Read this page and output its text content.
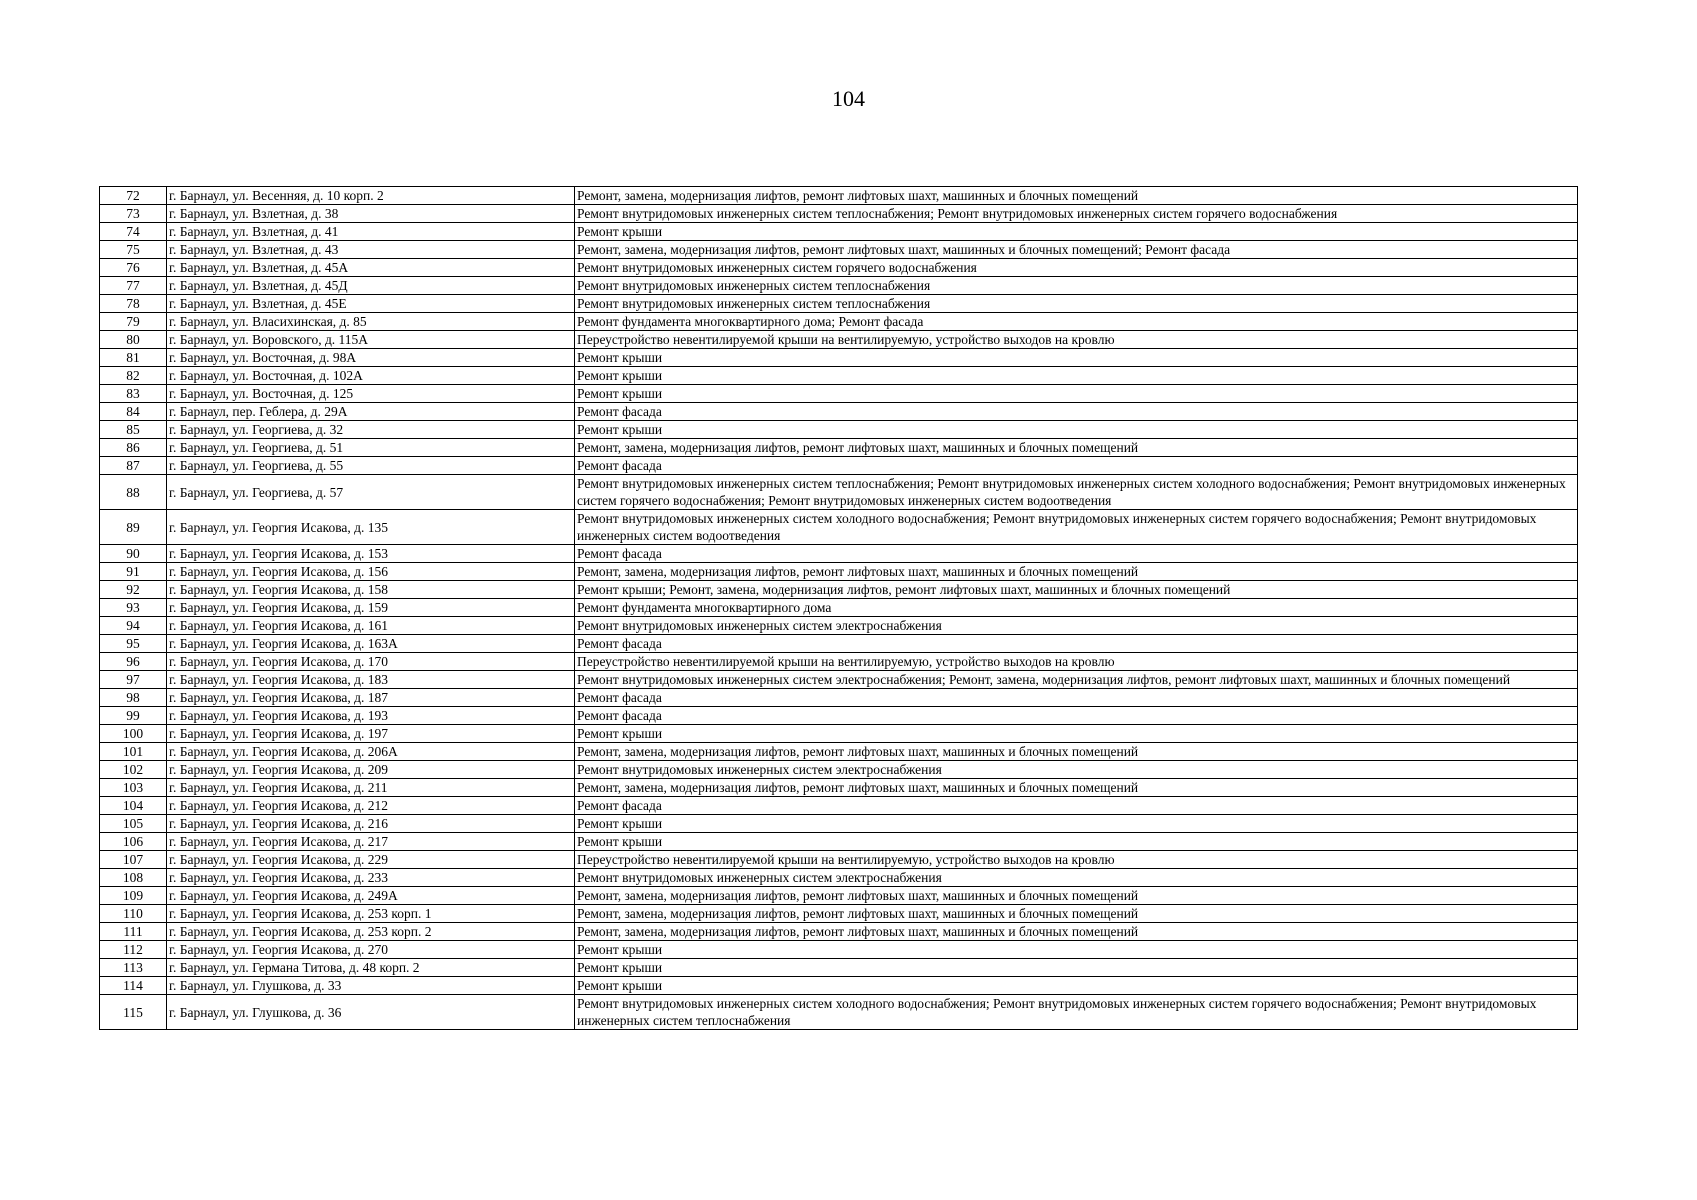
104
72	г. Барнаул, ул. Весенняя, д. 10 корп. 2	Ремонт, замена, модернизация лифтов, ремонт лифтовых шахт, машинных и блочных помещений
73	г. Барнаул, ул. Взлетная, д. 38	Ремонт внутридомовых инженерных систем теплоснабжения; Ремонт внутридомовых инженерных систем горячего водоснабжения
74	г. Барнаул, ул. Взлетная, д. 41	Ремонт крыши
75	г. Барнаул, ул. Взлетная, д. 43	Ремонт, замена, модернизация лифтов, ремонт лифтовых шахт, машинных и блочных помещений; Ремонт фасада
76	г. Барнаул, ул. Взлетная, д. 45А	Ремонт внутридомовых инженерных систем горячего водоснабжения
77	г. Барнаул, ул. Взлетная, д. 45Д	Ремонт внутридомовых инженерных систем теплоснабжения
78	г. Барнаул, ул. Взлетная, д. 45Е	Ремонт внутридомовых инженерных систем теплоснабжения
79	г. Барнаул, ул. Власихинская, д. 85	Ремонт фундамента многоквартирного дома; Ремонт фасада
80	г. Барнаул, ул. Воровского, д. 115А	Переустройство невентилируемой крыши на вентилируемую, устройство выходов на кровлю
81	г. Барнаул, ул. Восточная, д. 98А	Ремонт крыши
82	г. Барнаул, ул. Восточная, д. 102А	Ремонт крыши
83	г. Барнаул, ул. Восточная, д. 125	Ремонт крыши
84	г. Барнаул, пер. Геблера, д. 29А	Ремонт фасада
85	г. Барнаул, ул. Георгиева, д. 32	Ремонт крыши
86	г. Барнаул, ул. Георгиева, д. 51	Ремонт, замена, модернизация лифтов, ремонт лифтовых шахт, машинных и блочных помещений
87	г. Барнаул, ул. Георгиева, д. 55	Ремонт фасада
88	г. Барнаул, ул. Георгиева, д. 57	Ремонт внутридомовых инженерных систем теплоснабжения; Ремонт внутридомовых инженерных систем холодного водоснабжения; Ремонт внутридомовых инженерных систем горячего водоснабжения; Ремонт внутридомовых инженерных систем водоотведения
89	г. Барнаул, ул. Георгия Исакова, д. 135	Ремонт внутридомовых инженерных систем холодного водоснабжения; Ремонт внутридомовых инженерных систем горячего водоснабжения; Ремонт внутридомовых инженерных систем водоотведения
90	г. Барнаул, ул. Георгия Исакова, д. 153	Ремонт фасада
91	г. Барнаул, ул. Георгия Исакова, д. 156	Ремонт, замена, модернизация лифтов, ремонт лифтовых шахт, машинных и блочных помещений
92	г. Барнаул, ул. Георгия Исакова, д. 158	Ремонт крыши; Ремонт, замена, модернизация лифтов, ремонт лифтовых шахт, машинных и блочных помещений
93	г. Барнаул, ул. Георгия Исакова, д. 159	Ремонт фундамента многоквартирного дома
94	г. Барнаул, ул. Георгия Исакова, д. 161	Ремонт внутридомовых инженерных систем электроснабжения
95	г. Барнаул, ул. Георгия Исакова, д. 163А	Ремонт фасада
96	г. Барнаул, ул. Георгия Исакова, д. 170	Переустройство невентилируемой крыши на вентилируемую, устройство выходов на кровлю
97	г. Барнаул, ул. Георгия Исакова, д. 183	Ремонт внутридомовых инженерных систем электроснабжения; Ремонт, замена, модернизация лифтов, ремонт лифтовых шахт, машинных и блочных помещений
98	г. Барнаул, ул. Георгия Исакова, д. 187	Ремонт фасада
99	г. Барнаул, ул. Георгия Исакова, д. 193	Ремонт фасада
100	г. Барнаул, ул. Георгия Исакова, д. 197	Ремонт крыши
101	г. Барнаул, ул. Георгия Исакова, д. 206А	Ремонт, замена, модернизация лифтов, ремонт лифтовых шахт, машинных и блочных помещений
102	г. Барнаул, ул. Георгия Исакова, д. 209	Ремонт внутридомовых инженерных систем электроснабжения
103	г. Барнаул, ул. Георгия Исакова, д. 211	Ремонт, замена, модернизация лифтов, ремонт лифтовых шахт, машинных и блочных помещений
104	г. Барнаул, ул. Георгия Исакова, д. 212	Ремонт фасада
105	г. Барнаул, ул. Георгия Исакова, д. 216	Ремонт крыши
106	г. Барнаул, ул. Георгия Исакова, д. 217	Ремонт крыши
107	г. Барнаул, ул. Георгия Исакова, д. 229	Переустройство невентилируемой крыши на вентилируемую, устройство выходов на кровлю
108	г. Барнаул, ул. Георгия Исакова, д. 233	Ремонт внутридомовых инженерных систем электроснабжения
109	г. Барнаул, ул. Георгия Исакова, д. 249А	Ремонт, замена, модернизация лифтов, ремонт лифтовых шахт, машинных и блочных помещений
110	г. Барнаул, ул. Георгия Исакова, д. 253 корп. 1	Ремонт, замена, модернизация лифтов, ремонт лифтовых шахт, машинных и блочных помещений
111	г. Барнаул, ул. Георгия Исакова, д. 253 корп. 2	Ремонт, замена, модернизация лифтов, ремонт лифтовых шахт, машинных и блочных помещений
112	г. Барнаул, ул. Георгия Исакова, д. 270	Ремонт крыши
113	г. Барнаул, ул. Германа Титова, д. 48 корп. 2	Ремонт крыши
114	г. Барнаул, ул. Глушкова, д. 33	Ремонт крыши
115	г. Барнаул, ул. Глушкова, д. 36	Ремонт внутридомовых инженерных систем холодного водоснабжения; Ремонт внутридомовых инженерных систем горячего водоснабжения; Ремонт внутридомовых инженерных систем теплоснабжения
